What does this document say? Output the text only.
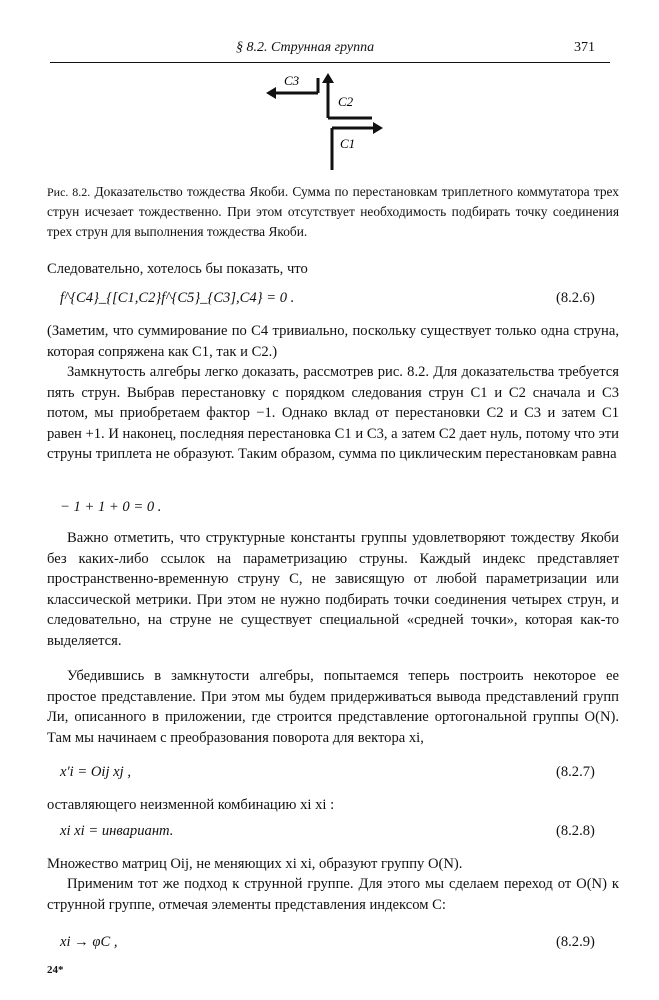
§ 8.2. Струнная группа	371
C3
C2
C1
Рис. 8.2. Доказательство тождества Якоби. Сумма по перестановкам триплетного коммутатора трех струн исчезает тождественно. При этом отсутствует необходимость подбирать точку соединения трех струн для выполнения тождества Якоби.
Следовательно, хотелось бы показать, что
f^{C4}_{[C1,C2}f^{C5}_{C3],C4} = 0 .	(8.2.6)
(Заметим, что суммирование по C4 тривиально, поскольку существует только одна струна, которая сопряжена как C1, так и C2.)
Замкнутость алгебры легко доказать, рассмотрев рис. 8.2. Для доказательства требуется пять струн. Выбрав перестановку с порядком следования струн C1 и C2 сначала и C3 потом, мы приобретаем фактор −1. Однако вклад от перестановки C2 и C3 и затем C1 равен +1. И наконец, последняя перестановка C1 и C3, а затем C2 дает нуль, потому что эти струны триплета не образуют. Таким образом, сумма по циклическим перестановкам равна
− 1 + 1 + 0 = 0 .
Важно отметить, что структурные константы группы удовлетворяют тождеству Якоби без каких-либо ссылок на параметризацию струны. Каждый индекс представляет пространственно-временную струну C, не зависящую от любой параметризации или классической метрики. При этом не нужно подбирать точки соединения четырех струн, и следовательно, на струне не существует специальной «средней точки», которая как-то выделяется.
Убедившись в замкнутости алгебры, попытаемся теперь построить некоторое ее простое представление. При этом мы будем придерживаться вывода представлений групп Ли, описанного в приложении, где строится представление ортогональной группы O(N). Там мы начинаем с преобразования поворота для вектора xi,
x′i = Oij xj ,	(8.2.7)
оставляющего неизменной комбинацию xi xi :
xi xi = инвариант.	(8.2.8)
Множество матриц Oij, не меняющих xi xi, образуют группу O(N).
Применим тот же подход к струнной группе. Для этого мы сделаем переход от O(N) к струнной группе, отмечая элементы представления индексом C:
xi → φC ,	(8.2.9)
24*
